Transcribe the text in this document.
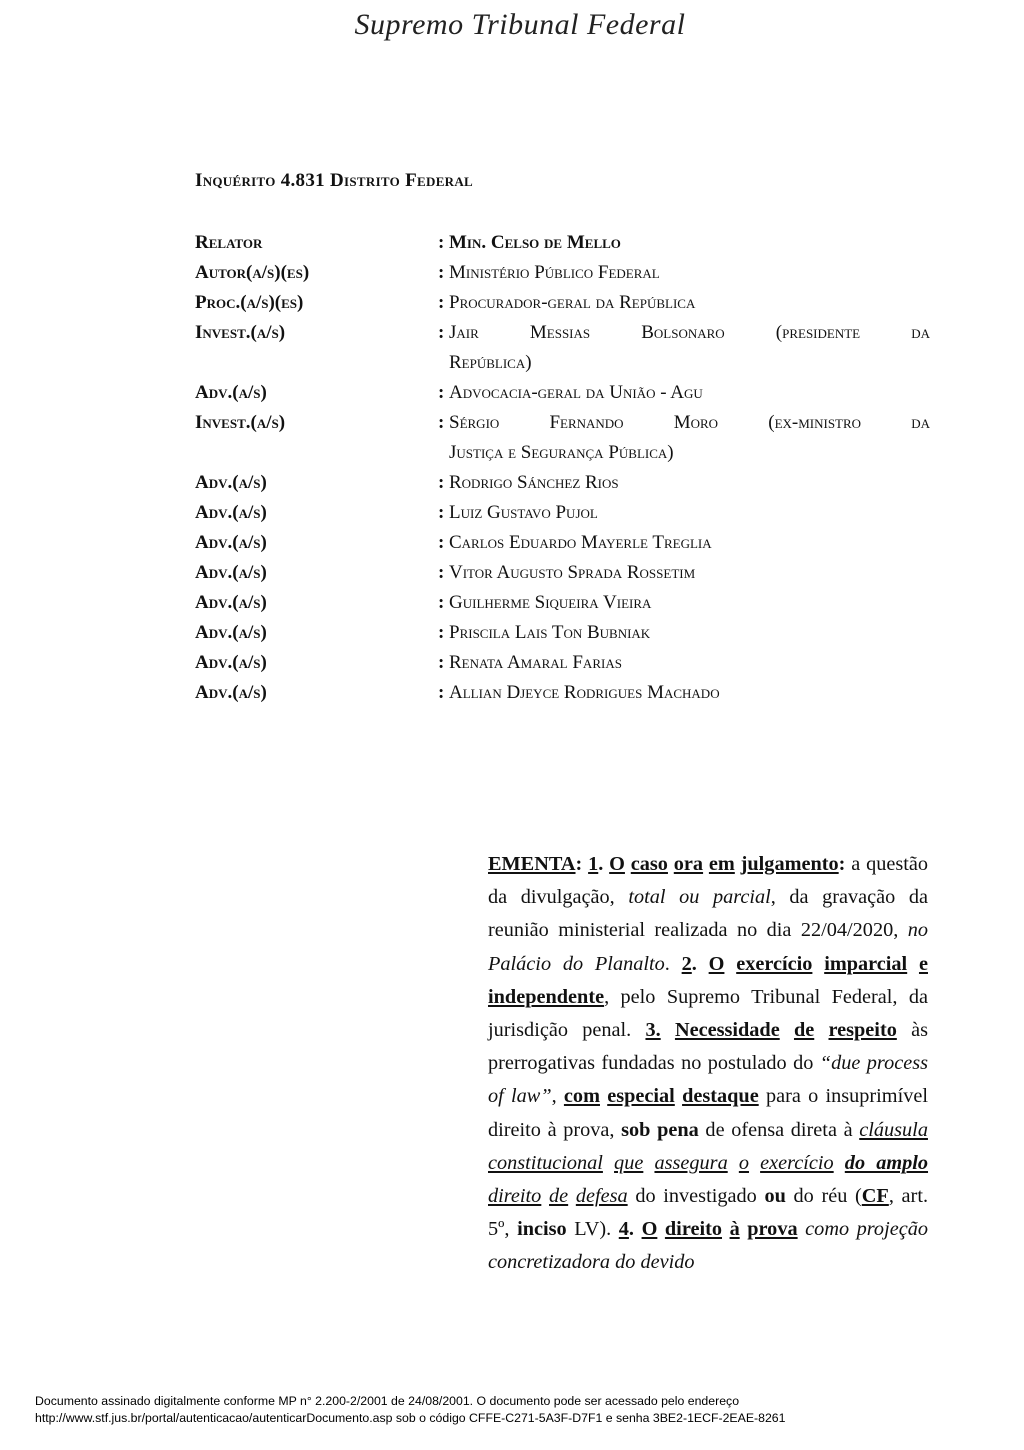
Supremo Tribunal Federal
Inquérito 4.831 Distrito Federal
Relator	: Min. Celso de Mello
Autor(a/s)(es)	: Ministério Público Federal
Proc.(a/s)(es)	: Procurador-geral da República
Invest.(a/s)	: Jair Messias Bolsonaro (presidente da
República)
Adv.(a/s)	: Advocacia-geral da União - Agu
Invest.(a/s)	: Sérgio Fernando Moro (ex-ministro da
Justiça e Segurança Pública)
Adv.(a/s)	: Rodrigo Sánchez Rios
Adv.(a/s)	: Luiz Gustavo Pujol
Adv.(a/s)	: Carlos Eduardo Mayerle Treglia
Adv.(a/s)	: Vitor Augusto Sprada Rossetim
Adv.(a/s)	: Guilherme Siqueira Vieira
Adv.(a/s)	: Priscila Lais Ton Bubniak
Adv.(a/s)	: Renata Amaral Farias
Adv.(a/s)	: Allian Djeyce Rodrigues Machado

EMENTA: 1. O caso ora em julgamento: a questão da divulgação, total ou parcial, da gravação da reunião ministerial realizada no dia 22/04/2020, no Palácio do Planalto. 2. O exercício imparcial e independente, pelo Supremo Tribunal Federal, da jurisdição penal. 3. Necessidade de respeito às prerrogativas fundadas no postulado do “due process of law”, com especial destaque para o insuprimível direito à prova, sob pena de ofensa direta à cláusula constitucional que assegura o exercício do amplo direito de defesa do investigado ou do réu (CF, art. 5º, inciso LV). 4. O direito à prova como projeção concretizadora do devido

Documento assinado digitalmente conforme MP n° 2.200-2/2001 de 24/08/2001. O documento pode ser acessado pelo endereço
http://www.stf.jus.br/portal/autenticacao/autenticarDocumento.asp sob o código CFFE-C271-5A3F-D7F1 e senha 3BE2-1ECF-2EAE-8261
